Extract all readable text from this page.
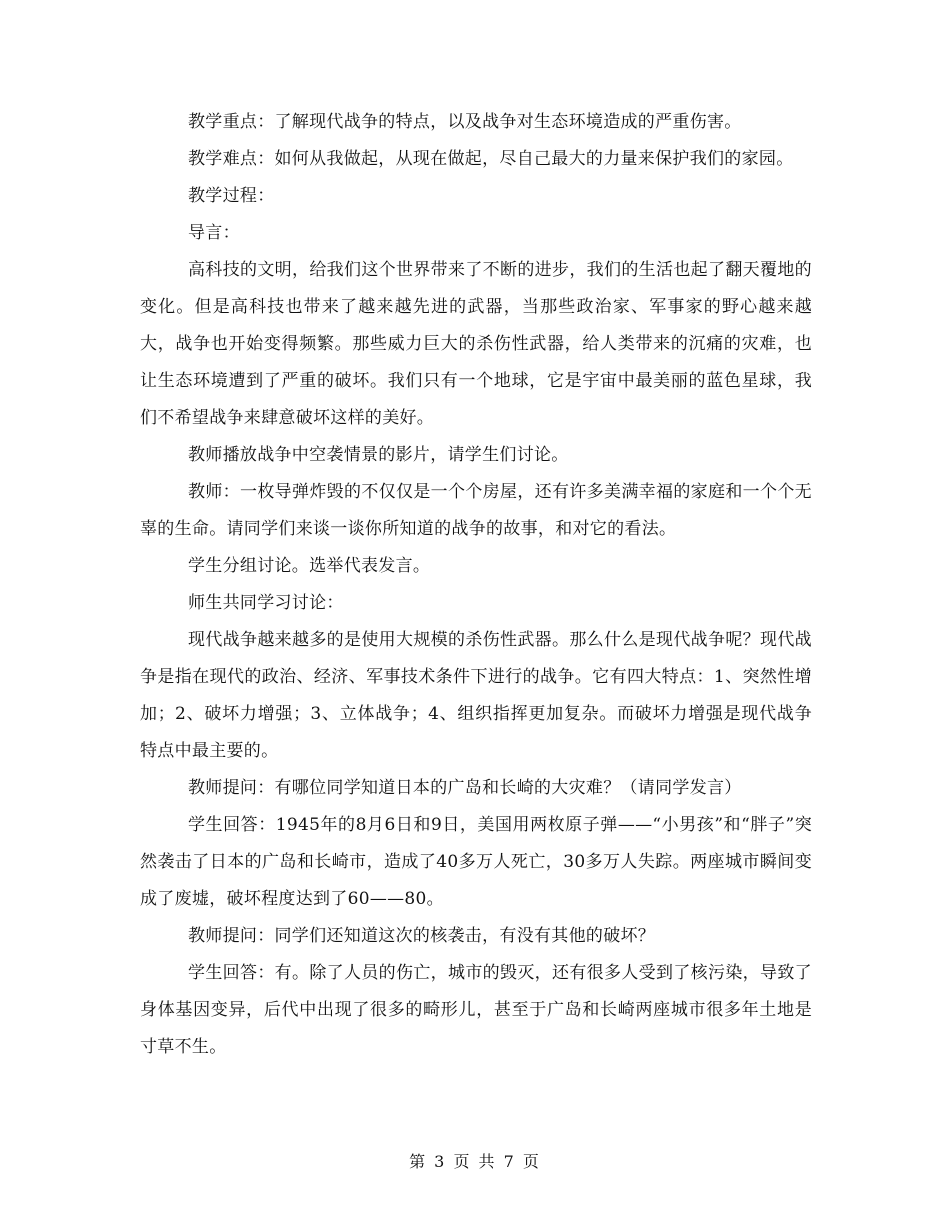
教学重点：了解现代战争的特点，以及战争对生态环境造成的严重伤害。

教学难点：如何从我做起，从现在做起，尽自己最大的力量来保护我们的家园。

教学过程：

导言：

高科技的文明，给我们这个世界带来了不断的进步，我们的生活也起了翻天覆地的变化。但是高科技也带来了越来越先进的武器，当那些政治家、军事家的野心越来越大，战争也开始变得频繁。那些威力巨大的杀伤性武器，给人类带来的沉痛的灾难，也让生态环境遭到了严重的破坏。我们只有一个地球，它是宇宙中最美丽的蓝色星球，我们不希望战争来肆意破坏这样的美好。

教师播放战争中空袭情景的影片，请学生们讨论。

教师：一枚导弹炸毁的不仅仅是一个个房屋，还有许多美满幸福的家庭和一个个无辜的生命。请同学们来谈一谈你所知道的战争的故事，和对它的看法。

学生分组讨论。选举代表发言。

师生共同学习讨论：

现代战争越来越多的是使用大规模的杀伤性武器。那么什么是现代战争呢？现代战争是指在现代的政治、经济、军事技术条件下进行的战争。它有四大特点：1、突然性增加；2、破坏力增强；3、立体战争；4、组织指挥更加复杂。而破坏力增强是现代战争特点中最主要的。

教师提问：有哪位同学知道日本的广岛和长崎的大灾难？（请同学发言）

学生回答：1945年的8月6日和9日，美国用两枚原子弹——“小男孩”和“胖子”突然袭击了日本的广岛和长崎市，造成了40多万人死亡，30多万人失踪。两座城市瞬间变成了废墟，破坏程度达到了60——80。

教师提问：同学们还知道这次的核袭击，有没有其他的破坏？

学生回答：有。除了人员的伤亡，城市的毁灭，还有很多人受到了核污染，导致了身体基因变异，后代中出现了很多的畸形儿，甚至于广岛和长崎两座城市很多年土地是寸草不生。

第 3 页 共 7 页
